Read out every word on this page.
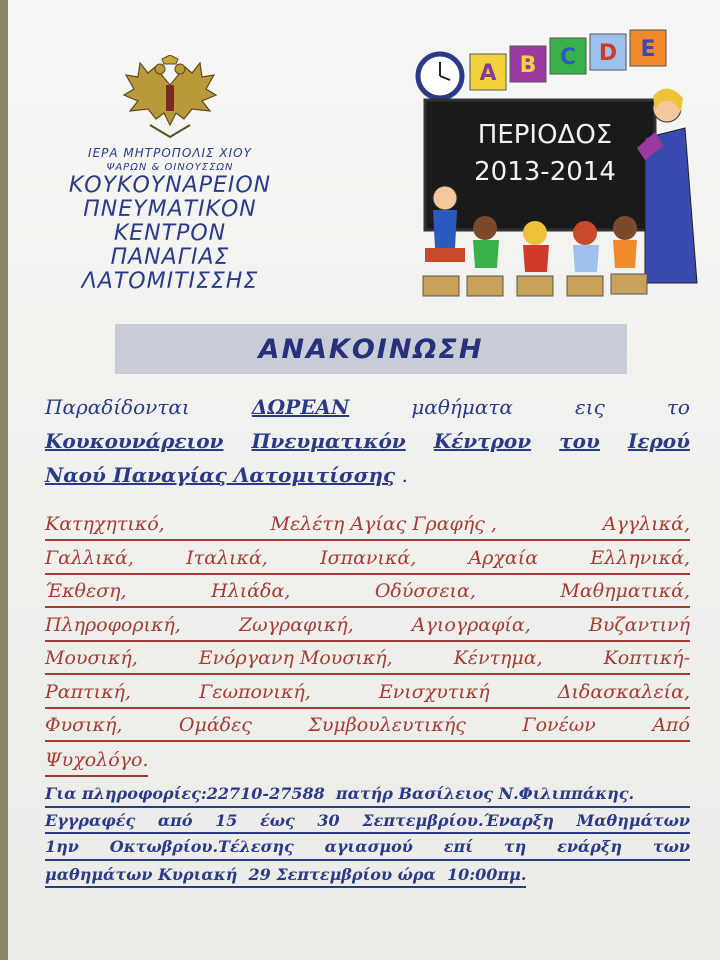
ΙΕΡΑ ΜΗΤΡΟΠΟΛΙΣ ΧΙΟΥ
ΨΑΡΩΝ & ΟΙΝΟΥΣΣΩΝ
ΚΟΥΚΟΥΝΑΡΕΙΟΝ
ΠΝΕΥΜΑΤΙΚΟΝ
ΚΕΝΤΡΟΝ
ΠΑΝΑΓΙΑΣ
ΛΑΤΟΜΙΤΙΣΣΗΣ
A B C D E
ΠΕΡΙΟΔΟΣ
2013-2014
ΑΝΑΚΟΙΝΩΣΗ
Παραδίδονται	ΔΩΡΕΑΝ	μαθήματα	εις	το
Κουκουνάρειον Πνευματικόν Κέντρον του Ιερού
Ναού Παναγίας Λατομιτίσσης .
Κατηχητικό,	Μελέτη Αγίας Γραφής ,	Αγγλικά,
Γαλλικά,	Ιταλικά,	Ισπανικά,	Αρχαία	Ελληνικά,
Έκθεση,	Ηλιάδα,	Οδύσσεια,	Μαθηματικά,
Πληροφορική,	Ζωγραφική,	Αγιογραφία,	Βυζαντινή
Μουσική,	Ενόργανη Μουσική,	Κέντημα,	Κοπτική-
Ραπτική,	Γεωπονική,	Ενισχυτική	Διδασκαλεία,
Φυσική,	Ομάδες	Συμβουλευτικής	Γονέων	Από
Ψυχολόγο.
Για πληροφορίες:22710-27588  πατήρ Βασίλειος Ν.Φιλιππάκης.
Εγγραφές από 15 έως 30 Σεπτεμβρίου.Έναρξη Μαθημάτων
1ην Οκτωβρίου.Τέλεσης αγιασμού επί τη ενάρξη των
μαθημάτων Κυριακή  29 Σεπτεμβρίου ώρα  10:00πμ.
